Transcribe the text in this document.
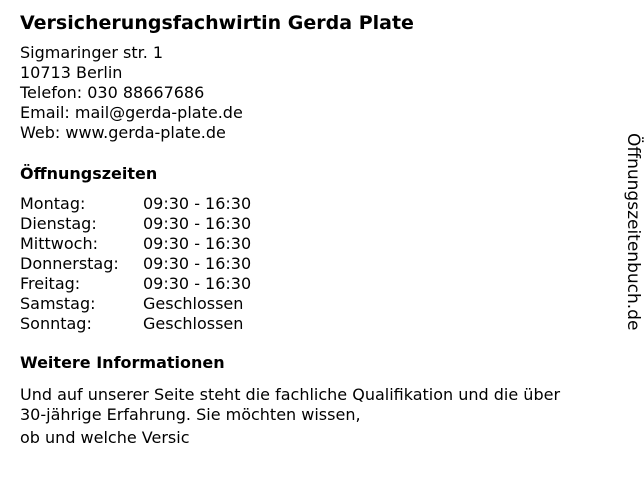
Versicherungsfachwirtin Gerda Plate
Sigmaringer str. 1
10713 Berlin
Telefon: 030 88667686
Email: mail@gerda-plate.de
Web: www.gerda-plate.de
Öffnungszeiten
Montag:	09:30 - 16:30
Dienstag:	09:30 - 16:30
Mittwoch:	09:30 - 16:30
Donnerstag:	09:30 - 16:30
Freitag:	09:30 - 16:30
Samstag:	Geschlossen
Sonntag:	Geschlossen
Weitere Informationen
Und auf unserer Seite steht die fachliche Qualifikation und die über
30-jährige Erfahrung. Sie möchten wissen,
ob und welche Versic
Öffnungszeitenbuch.de
